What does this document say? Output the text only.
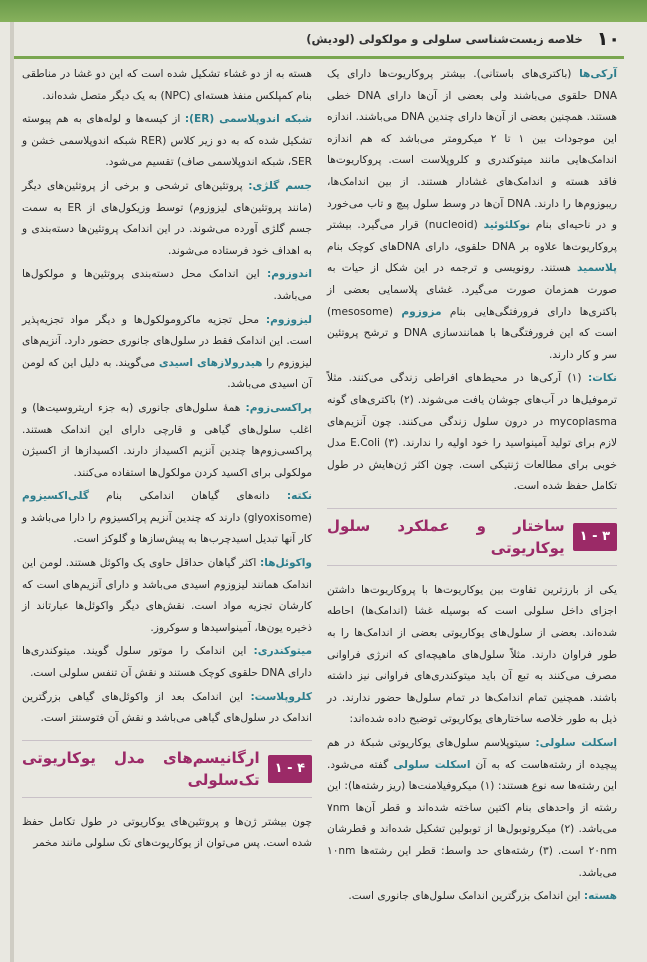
۱۰
خلاصه زیست‌شناسی سلولی و مولکولی (لودیش)

آرکی‌ها (باکتری‌های باستانی). بیشتر پروکاریوت‌ها دارای یک DNA حلقوی می‌باشند ولی بعضی از آن‌ها دارای DNA خطی هستند. همچنین بعضی از آن‌ها دارای چندین DNA می‌باشند. اندازه این موجودات بین ۱ تا ۲ میکرومتر می‌باشد که هم اندازه اندامک‌هایی مانند میتوکندری و کلروپلاست است. پروکاریوت‌ها فاقد هسته و اندامک‌های غشادار هستند. از بین اندامک‌ها، ریبوزوم‌ها را دارند. DNA آن‌ها در وسط سلول پیچ و تاب می‌خورد و در ناحیه‌ای بنام نوکلئوئید (nucleoid) قرار می‌گیرد. بیشتر پروکاریوت‌ها علاوه بر DNA حلقوی، دارای DNAهای کوچک بنام پلاسمید هستند. رونویسی و ترجمه در این شکل از حیات به صورت همزمان صورت می‌گیرد. غشای پلاسمایی بعضی از باکتری‌ها دارای فرورفتگی‌هایی بنام مزوزوم (mesosome) است که این فرورفتگی‌ها با همانندسازی DNA و ترشح پروتئین سر و کار دارند.

نکات: (۱) آرکی‌ها در محیط‌های افراطی زندگی می‌کنند. مثلاً ترموفیل‌ها در آب‌های جوشان یافت می‌شوند. (۲) باکتری‌های گونه mycoplasma در درون سلول زندگی می‌کنند. چون آنزیم‌های لازم برای تولید آمینواسید را خود اولیه را ندارند. (۳) E.Coli مدل خوبی برای مطالعات ژنتیکی است. چون اکثر ژن‌هایش در طول تکامل حفظ شده است.

۳ - ۱
ساختار و عملکرد سلول یوکاریوتی

یکی از بارزترین تفاوت بین یوکاریوت‌ها با پروکاریوت‌ها داشتن اجزای داخل سلولی است که بوسیله غشا (اندامک‌ها) احاطه شده‌اند. بعضی از سلول‌های یوکاریوتی بعضی از اندامک‌ها را به طور فراوان دارند. مثلاً سلول‌های ماهیچه‌ای که انرژی فراوانی مصرف می‌کنند به تبع آن باید میتوکندری‌های فراوانی نیز داشته باشند. همچنین تمام اندامک‌ها در تمام سلول‌ها حضور ندارند. در ذیل به طور خلاصه ساختارهای یوکاریوتی توضیح داده شده‌اند:

اسکلت سلولی: سیتوپلاسم سلول‌های یوکاریوتی شبکهٔ در هم پیچیده از رشته‌هاست که به آن اسکلت سلولی گفته می‌شود. این رشته‌ها سه نوع هستند: (۱) میکروفیلامنت‌ها (ریز رشته‌ها): این رشته از واحدهای بنام اکتین ساخته شده‌اند و قطر آن‌ها ۷nm می‌باشد. (۲) میکروتوبول‌ها از توبولین تشکیل شده‌اند و قطرشان ۲۰nm است. (۳) رشته‌های حد واسط: قطر این رشته‌ها ۱۰nm می‌باشد.

هسته: این اندامک بزرگترین اندامک سلول‌های جانوری است.

هسته به از دو غشاء تشکیل شده است که این دو غشا در مناطقی بنام کمپلکس منفذ هسته‌ای (NPC) به یک دیگر متصل شده‌اند.

شبکه اندوپلاسمی (ER): از کیسه‌ها و لوله‌های به هم پیوسته تشکیل شده که به دو زیر کلاس (RER شبکه اندوپلاسمی خشن و SER، شبکه اندوپلاسمی صاف) تقسیم می‌شود.

جسم گلژی: پروتئین‌های ترشحی و برخی از پروتئین‌های دیگر (مانند پروتئین‌های لیزوزوم) توسط وزیکول‌های از ER به سمت جسم گلژی آورده می‌شوند. در این اندامک پروتئین‌ها دسته‌بندی و به اهداف خود فرستاده می‌شوند.

اندوزوم: این اندامک محل دسته‌بندی پروتئین‌ها و مولکول‌ها می‌باشد.

لیزوزوم: محل تجزیه ماکرومولکول‌ها و دیگر مواد تجزیه‌پذیر است. این اندامک فقط در سلول‌های جانوری حضور دارد. آنزیم‌های لیزوزوم را هیدرولازهای اسیدی می‌گویند. به دلیل این که لومن آن اسیدی می‌باشد.

پراکسی‌زوم: همهٔ سلول‌های جانوری (به جزء اریتروسیت‌ها) و اغلب سلول‌های گیاهی و قارچی دارای این اندامک هستند. پراکسی‌زوم‌ها چندین آنزیم اکسیداز دارند. اکسیدازها از اکسیژن مولکولی برای اکسید کردن مولکول‌ها استفاده می‌کنند.

نکته: دانه‌های گیاهان اندامکی بنام گلی‌اکسیزوم (glyoxisome) دارند که چندین آنزیم پراکسیزوم را دارا می‌باشد و کار آنها تبدیل اسیدچرب‌ها به پیش‌سازها و گلوکز است.

واکوئل‌ها: اکثر گیاهان حداقل حاوی یک واکوئل هستند. لومن این اندامک همانند لیزوزوم اسیدی می‌باشد و دارای آنزیم‌های است که کارشان تجزیه مواد است. نقش‌های دیگر واکوئل‌ها عبارتاند از ذخیره یون‌ها، آمینواسیدها و سوکروز.

میتوکندری: این اندامک را موتور سلول گویند. میتوکندری‌ها دارای DNA حلقوی کوچک هستند و نقش آن تنفس سلولی است.

کلروپلاست: این اندامک بعد از واکوئل‌های گیاهی بزرگترین اندامک در سلول‌های گیاهی می‌باشد و نقش آن فتوسنتز است.

۴ - ۱
ارگانیسم‌های مدل یوکاریوتی تک‌سلولی

چون بیشتر ژن‌ها و پروتئین‌های یوکاریوتی در طول تکامل حفظ شده است. پس می‌توان از یوکاریوت‌های تک سلولی مانند مخمر
